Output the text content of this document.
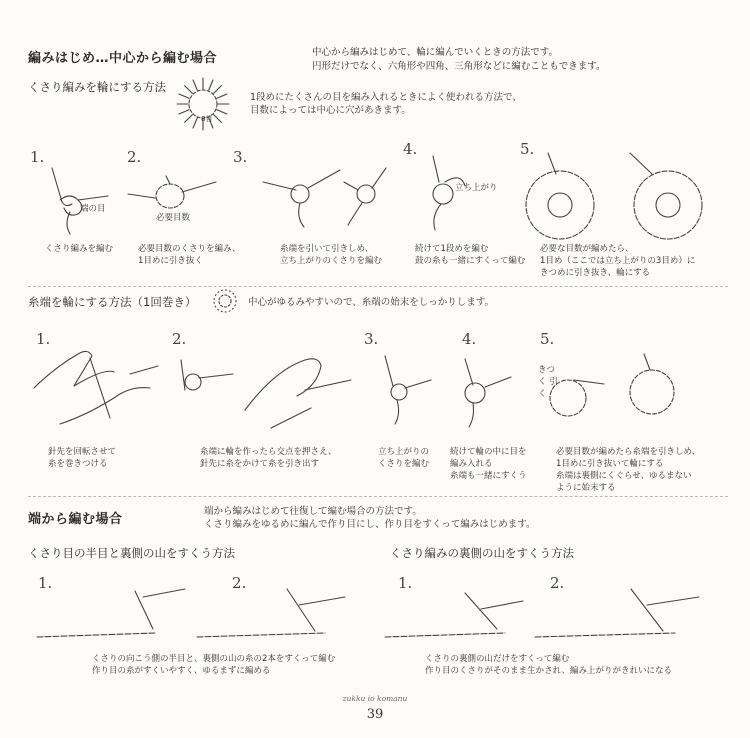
編みはじめ…中心から編む場合	中心から編みはじめて、輪に編んでいくときの方法です。
円形だけでなく、六角形や四角、三角形などに編むこともできます。
くさり編みを輪にする方法
8目
1段めにたくさんの目を編み入れるときによく使われる方法で、
目数によっては中心に穴があきます。
1.	2.	3.	4.	5.
端の目
必要目数
立ち上がり
くさり編みを編む	必要目数のくさりを編み、
1目めに引き抜く
糸端を引いて引きしめ、
立ち上がりのくさりを編む
続けて1段めを編む
鼓の糸も一緒にすくって編む
必要な目数が編めたら、
1目め（ここでは立ち上がりの3目め）に
きつめに引き抜き、輪にする
糸端を輪にする方法（1回巻き）	中心がゆるみやすいので、糸端の始末をしっかりします。
1.	2.	3.	4.	5.
きつく 引く
針先を回転させて
糸を巻きつける
糸端に輪を作ったら交点を押さえ、
針先に糸をかけて糸を引き出す
立ち上がりの
くさりを編む
続けて輪の中に目を
編み入れる
糸端も一緒にすくう
必要目数が編めたら糸端を引きしめ、
1目めに引き抜いて輪にする
糸端は裏側にくぐらせ、ゆるまない
ように始末する
端から編む場合
端から編みはじめて往復して編む場合の方法です。
くさり編みをゆるめに編んで作り目にし、作り目をすくって編みはじめます。
くさり目の半目と裏側の山をすくう方法	くさり編みの裏側の山をすくう方法
1.	2.	1.	2.
くさりの向こう側の半目と、裏側の山の糸の2本をすくって編む
作り目の糸がすくいやすく、ゆるまずに編める
くさりの裏側の山だけをすくって編む
作り目のくさりがそのまま生かされ、編み上がりがきれいになる
zukku io komanu
39
